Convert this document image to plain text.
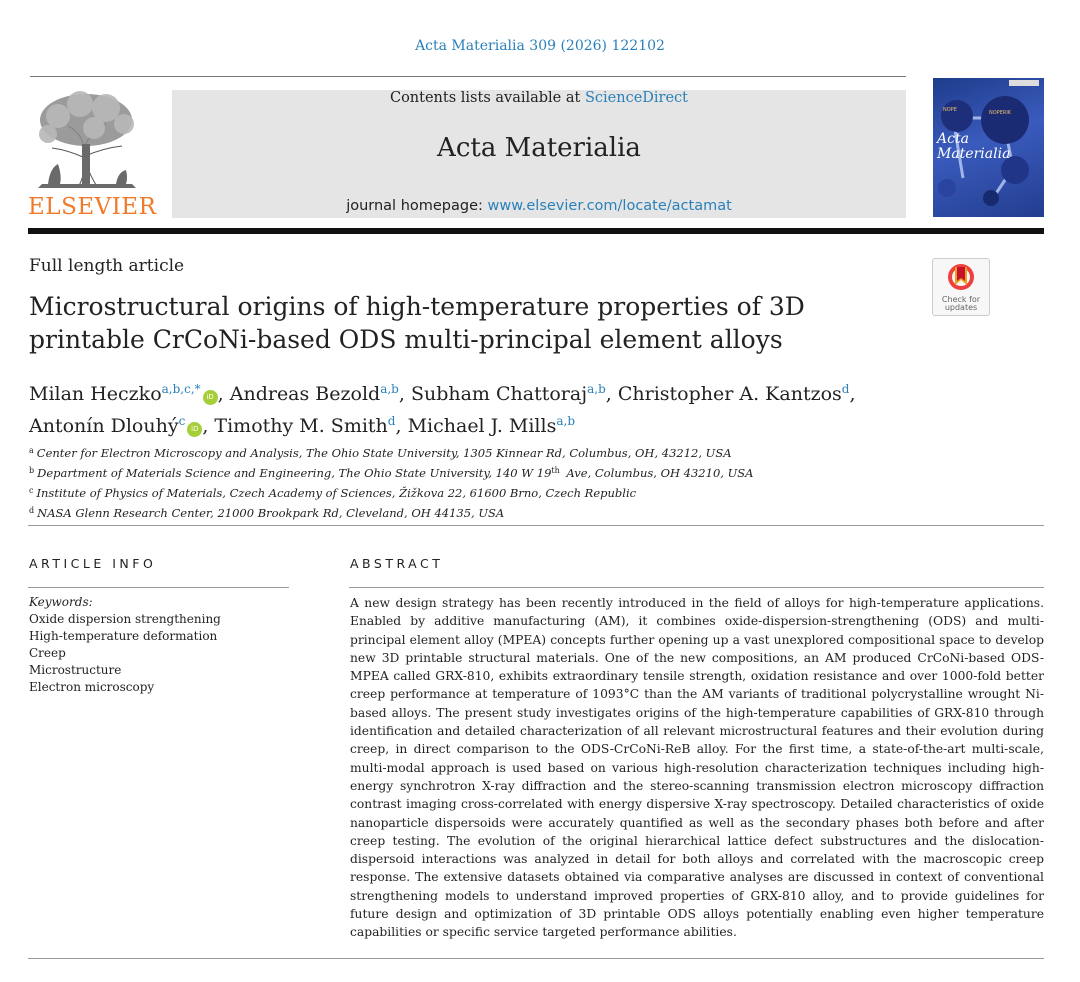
Acta Materialia 309 (2026) 122102
ELSEVIER
Contents lists available at ScienceDirect
Acta Materialia
journal homepage: www.elsevier.com/locate/actamat
NOPE	NOPERIK
Acta
Materialia
Full length article
Microstructural origins of high-temperature properties of 3D printable CrCoNi-based ODS multi-principal element alloys
Check for
updates
Milan Heczko$^{a,b,c,*}$iD , Andreas Bezold$^{a,b}$, Subham Chattoraj$^{a,b}$, Christopher A. Kantzos$^d$,
Antonín Dlouhý$^c$iD , Timothy M. Smith$^d$, Michael J. Mills$^{a,b}$
$^a$ Center for Electron Microscopy and Analysis, The Ohio State University, 1305 Kinnear Rd, Columbus, OH, 43212, USA
$^b$ Department of Materials Science and Engineering, The Ohio State University, 140 W 19th Ave, Columbus, OH 43210, USA
$^c$ Institute of Physics of Materials, Czech Academy of Sciences, Žižkova 22, 61600 Brno, Czech Republic
$^d$ NASA Glenn Research Center, 21000 Brookpark Rd, Cleveland, OH 44135, USA
ARTICLE INFO
Keywords:
Oxide dispersion strengthening
High-temperature deformation
Creep
Microstructure
Electron microscopy
ABSTRACT
A new design strategy has been recently introduced in the field of alloys for high-temperature applications. Enabled by additive manufacturing (AM), it combines oxide-dispersion-strengthening (ODS) and multi-principal element alloy (MPEA) concepts further opening up a vast unexplored compositional space to develop new 3D printable structural materials. One of the new compositions, an AM produced CrCoNi-based ODS-MPEA called GRX-810, exhibits extraordinary tensile strength, oxidation resistance and over 1000-fold better creep performance at temperature of 1093°C than the AM variants of traditional polycrystalline wrought Ni-based alloys. The present study investigates origins of the high-temperature capabilities of GRX-810 through identification and detailed characterization of all relevant microstructural features and their evolution during creep, in direct comparison to the ODS-CrCoNi-ReB alloy. For the first time, a state-of-the-art multi-scale, multi-modal approach is used based on various high-resolution characterization techniques including high-energy synchrotron X-ray diffraction and the stereo-scanning transmission electron microscopy diffraction contrast imaging cross-correlated with energy dispersive X-ray spectroscopy. Detailed characteristics of oxide nanoparticle dispersoids were accurately quantified as well as the secondary phases both before and after creep testing. The evolution of the original hierarchical lattice defect substructures and the dislocation-dispersoid interactions was analyzed in detail for both alloys and correlated with the macroscopic creep response. The extensive datasets obtained via comparative analyses are discussed in context of conventional strengthening models to understand improved properties of GRX-810 alloy, and to provide guidelines for future design and optimization of 3D printable ODS alloys potentially enabling even higher temperature capabilities or specific service targeted performance abilities.
